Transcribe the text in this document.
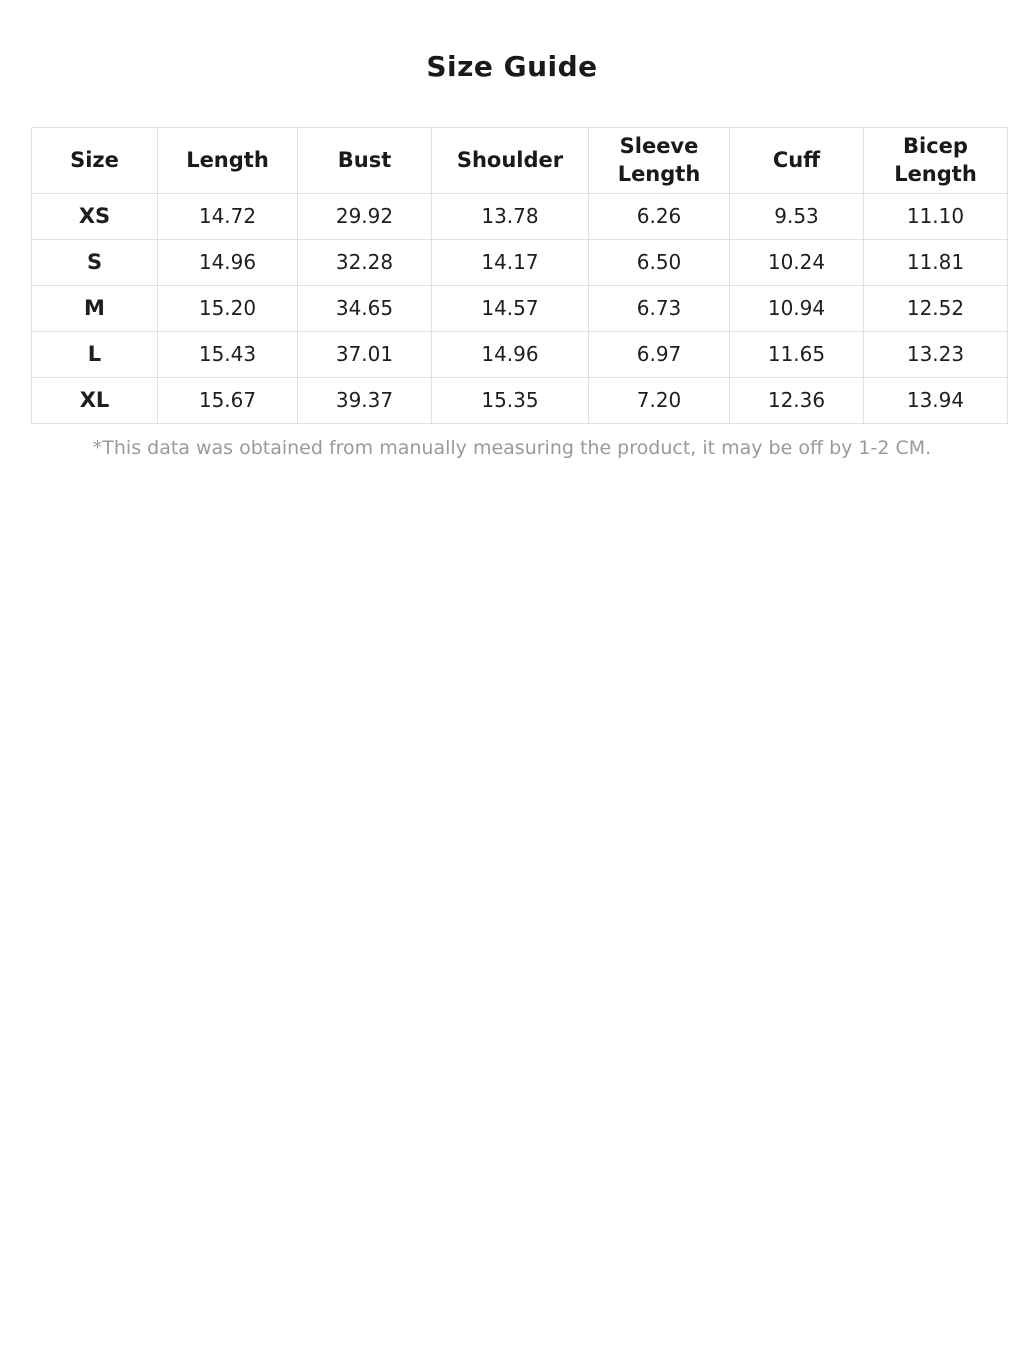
Size Guide
Size	Length	Bust	Shoulder	Sleeve Length	Cuff	Bicep Length
XS	14.72	29.92	13.78	6.26	9.53	11.10
S	14.96	32.28	14.17	6.50	10.24	11.81
M	15.20	34.65	14.57	6.73	10.94	12.52
L	15.43	37.01	14.96	6.97	11.65	13.23
XL	15.67	39.37	15.35	7.20	12.36	13.94

*This data was obtained from manually measuring the product, it may be off by 1-2 CM.
